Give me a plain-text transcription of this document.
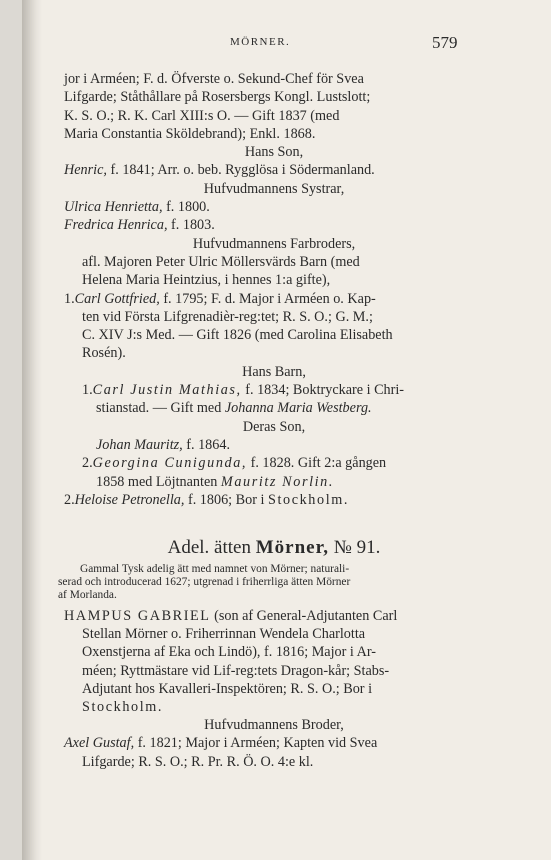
MÖRNER.	579
jor i Arméen; F. d. Öfverste o. Sekund-Chef för Svea
Lifgarde; Ståthållare på Rosersbergs Kongl. Lustslott;
K. S. O.; R. K. Carl XIII:s O. — Gift 1837 (med
Maria Constantia Sköldebrand); Enkl. 1868.
Hans Son,
Henric, f. 1841; Arr. o. beb. Rygglösa i Södermanland.
Hufvudmannens Systrar,
Ulrica Henrietta, f. 1800.
Fredrica Henrica, f. 1803.
Hufvudmannens Farbroders,
afl. Majoren Peter Ulric Möllersvärds Barn (med
Helena Maria Heintzius, i hennes 1:a gifte),
1.Carl Gottfried, f. 1795; F. d. Major i Arméen o. Kap-
ten vid Första Lifgrenadièr-reg:tet; R. S. O.; G. M.;
C. XIV J:s Med. — Gift 1826 (med Carolina Elisabeth
Rosén).
Hans Barn,
1.Carl Justin Mathias, f. 1834; Boktryckare i Chri-
stianstad. — Gift med Johanna Maria Westberg.
Deras Son,
Johan Mauritz, f. 1864.
2.Georgina Cunigunda, f. 1828. Gift 2:a gången
1858 med Löjtnanten Mauritz Norlin.
2.Heloise Petronella, f. 1806; Bor i Stockholm.
Adel. ätten Mörner, № 91.
Gammal Tysk adelig ätt med namnet von Mörner; naturali-
serad och introducerad 1627; utgrenad i friherrliga ätten Mörner
af Morlanda.
HAMPUS GABRIEL (son af General-Adjutanten Carl
Stellan Mörner o. Friherrinnan Wendela Charlotta
Oxenstjerna af Eka och Lindö), f. 1816; Major i Ar-
méen; Ryttmästare vid Lif-reg:tets Dragon-kår; Stabs-
Adjutant hos Kavalleri-Inspektören; R. S. O.; Bor i
Stockholm.
Hufvudmannens Broder,
Axel Gustaf, f. 1821; Major i Arméen; Kapten vid Svea
Lifgarde; R. S. O.; R. Pr. R. Ö. O. 4:e kl.
